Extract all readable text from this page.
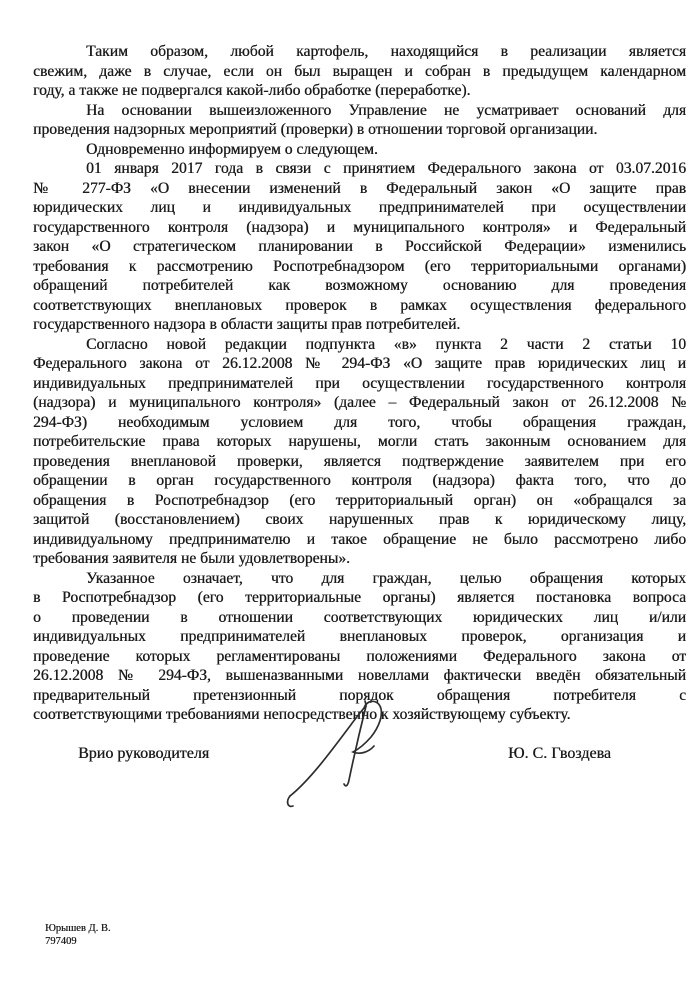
Таким образом, любой картофель, находящийся в реализации является
свежим, даже в случае, если он был выращен и собран в предыдущем календарном
году, а также не подвергался какой-либо обработке (переработке).
На основании вышеизложенного Управление не усматривает оснований для
проведения надзорных мероприятий (проверки) в отношении торговой организации.
Одновременно информируем о следующем.
01 января 2017 года в связи с принятием Федерального закона от 03.07.2016
№ 277-ФЗ «О внесении изменений в Федеральный закон «О защите прав
юридических лиц и индивидуальных предпринимателей при осуществлении
государственного контроля (надзора) и муниципального контроля» и Федеральный
закон «О стратегическом планировании в Российской Федерации» изменились
требования к рассмотрению Роспотребнадзором (его территориальными органами)
обращений потребителей как возможному основанию для проведения
соответствующих внеплановых проверок в рамках осуществления федерального
государственного надзора в области защиты прав потребителей.
Согласно новой редакции подпункта «в» пункта 2 части 2 статьи 10
Федерального закона от 26.12.2008 № 294-ФЗ «О защите прав юридических лиц и
индивидуальных предпринимателей при осуществлении государственного контроля
(надзора) и муниципального контроля» (далее – Федеральный закон от 26.12.2008 №
294-ФЗ) необходимым условием для того, чтобы обращения граждан,
потребительские права которых нарушены, могли стать законным основанием для
проведения внеплановой проверки, является подтверждение заявителем при его
обращении в орган государственного контроля (надзора) факта того, что до
обращения в Роспотребнадзор (его территориальный орган) он «обращался за
защитой (восстановлением) своих нарушенных прав к юридическому лицу,
индивидуальному предпринимателю и такое обращение не было рассмотрено либо
требования заявителя не были удовлетворены».
Указанное означает, что для граждан, целью обращения которых
в Роспотребнадзор (его территориальные органы) является постановка вопроса
о проведении в отношении соответствующих юридических лиц и/или
индивидуальных предпринимателей внеплановых проверок, организация и
проведение которых регламентированы положениями Федерального закона от
26.12.2008 № 294-ФЗ, вышеназванными новеллами фактически введён обязательный
предварительный претензионный порядок обращения потребителя с
соответствующими требованиями непосредственно к хозяйствующему субъекту.
Врио руководителя	Ю. С. Гвоздева
Юрышев Д. В.
797409
